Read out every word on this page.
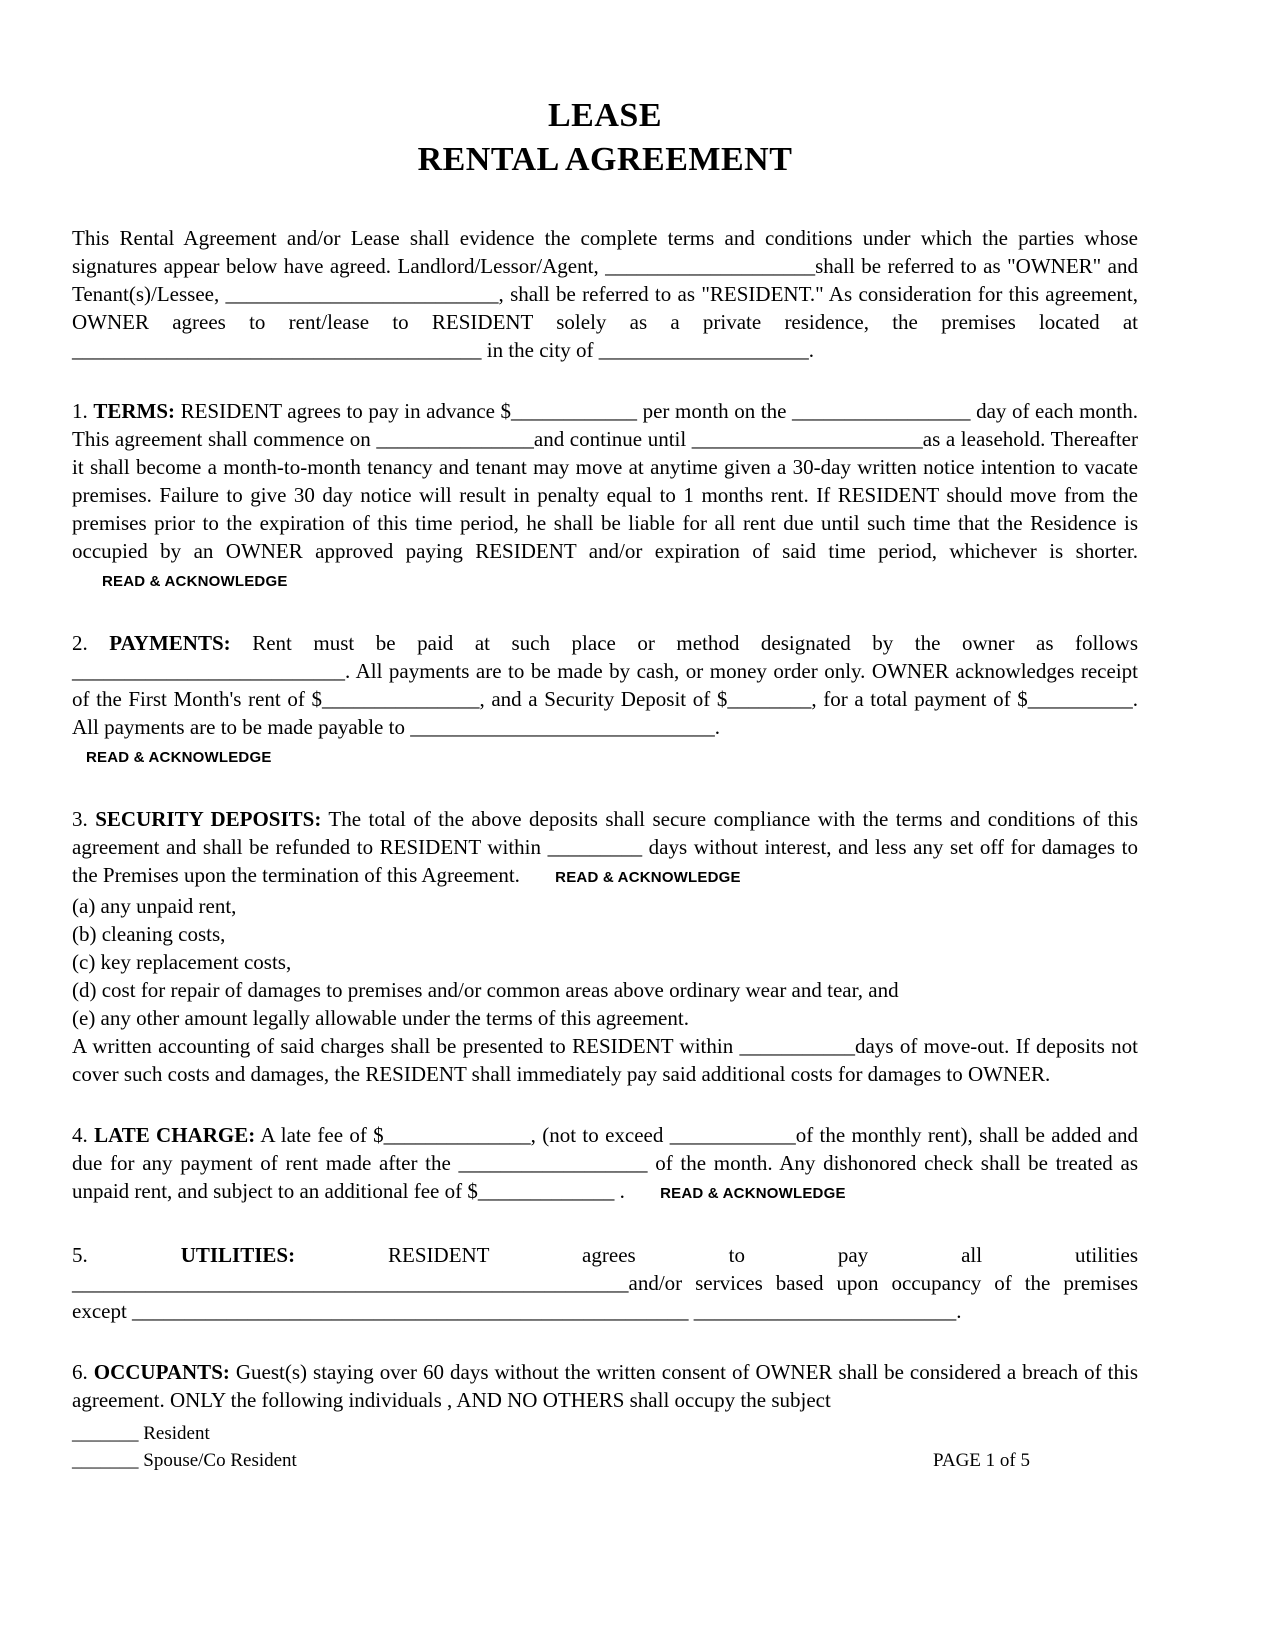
LEASE
RENTAL AGREEMENT

This Rental Agreement and/or Lease shall evidence the complete terms and conditions under which the parties whose signatures appear below have agreed. Landlord/Lessor/Agent, ____________________shall be referred to as "OWNER" and Tenant(s)/Lessee, __________________________, shall be referred to as "RESIDENT." As consideration for this agreement, OWNER agrees to rent/lease to RESIDENT solely as a private residence, the premises located at _______________________________________ in the city of ____________________.

1. TERMS: RESIDENT agrees to pay in advance $____________ per month on the _________________ day of each month. This agreement shall commence on _______________and continue until ______________________as a leasehold. Thereafter it shall become a month-to-month tenancy and tenant may move at anytime given a 30-day written notice intention to vacate premises. Failure to give 30 day notice will result in penalty equal to 1 months rent. If RESIDENT should move from the premises prior to the expiration of this time period, he shall be liable for all rent due until such time that the Residence is occupied by an OWNER approved paying RESIDENT and/or expiration of said time period, whichever is shorter. READ & ACKNOWLEDGE

2. PAYMENTS: Rent must be paid at such place or method designated by the owner as follows __________________________. All payments are to be made by cash, or money order only. OWNER acknowledges receipt of the First Month's rent of $_______________, and a Security Deposit of $________, for a total payment of $__________. All payments are to be made payable to _____________________________.

READ & ACKNOWLEDGE

3. SECURITY DEPOSITS: The total of the above deposits shall secure compliance with the terms and conditions of this agreement and shall be refunded to RESIDENT within _________ days without interest, and less any set off for damages to the Premises upon the termination of this Agreement. READ & ACKNOWLEDGE

(a) any unpaid rent,

(b) cleaning costs,

(c) key replacement costs,

(d) cost for repair of damages to premises and/or common areas above ordinary wear and tear, and

(e) any other amount legally allowable under the terms of this agreement.

A written accounting of said charges shall be presented to RESIDENT within ___________days of move-out. If deposits not cover such costs and damages, the RESIDENT shall immediately pay said additional costs for damages to OWNER.

4. LATE CHARGE: A late fee of $______________, (not to exceed ____________of the monthly rent), shall be added and due for any payment of rent made after the __________________ of the month. Any dishonored check shall be treated as unpaid rent, and subject to an additional fee of $_____________ . READ & ACKNOWLEDGE

5.	UTILITIES:	RESIDENT agrees to pay all utilities _____________________________________________________and/or services based upon occupancy of the premises except _____________________________________________________ _________________________.

6. OCCUPANTS: Guest(s) staying over 60 days without the written consent of OWNER shall be considered a breach of this agreement. ONLY the following individuals , AND NO OTHERS shall occupy the subject

_______ Resident
_______ Spouse/Co Resident	PAGE 1 of 5
